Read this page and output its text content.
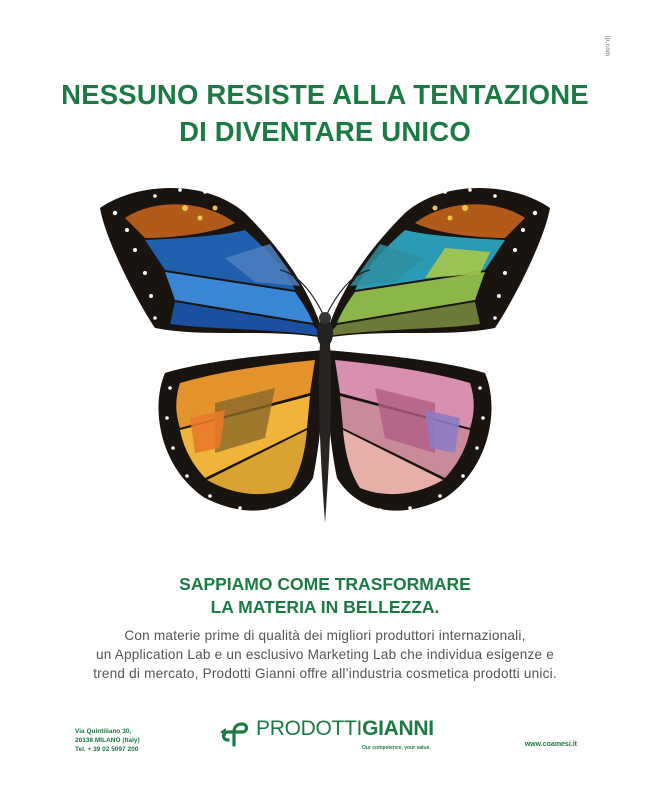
jp.com
NESSUNO RESISTE ALLA TENTAZIONE
DI DIVENTARE UNICO
SAPPIAMO COME TRASFORMARE
LA MATERIA IN BELLEZZA.
Con materie prime di qualità dei migliori produttori internazionali,
un Application Lab e un esclusivo Marketing Lab che individua esigenze e
trend di mercato, Prodotti Gianni offre all’industria cosmetica prodotti unici.
Via Quintiliano 30,
20138 MILANO (Italy)
Tel. + 39 02 5097 200
PRODOTTIGIANNI
Our competence, your value.	www.coamesi.it
